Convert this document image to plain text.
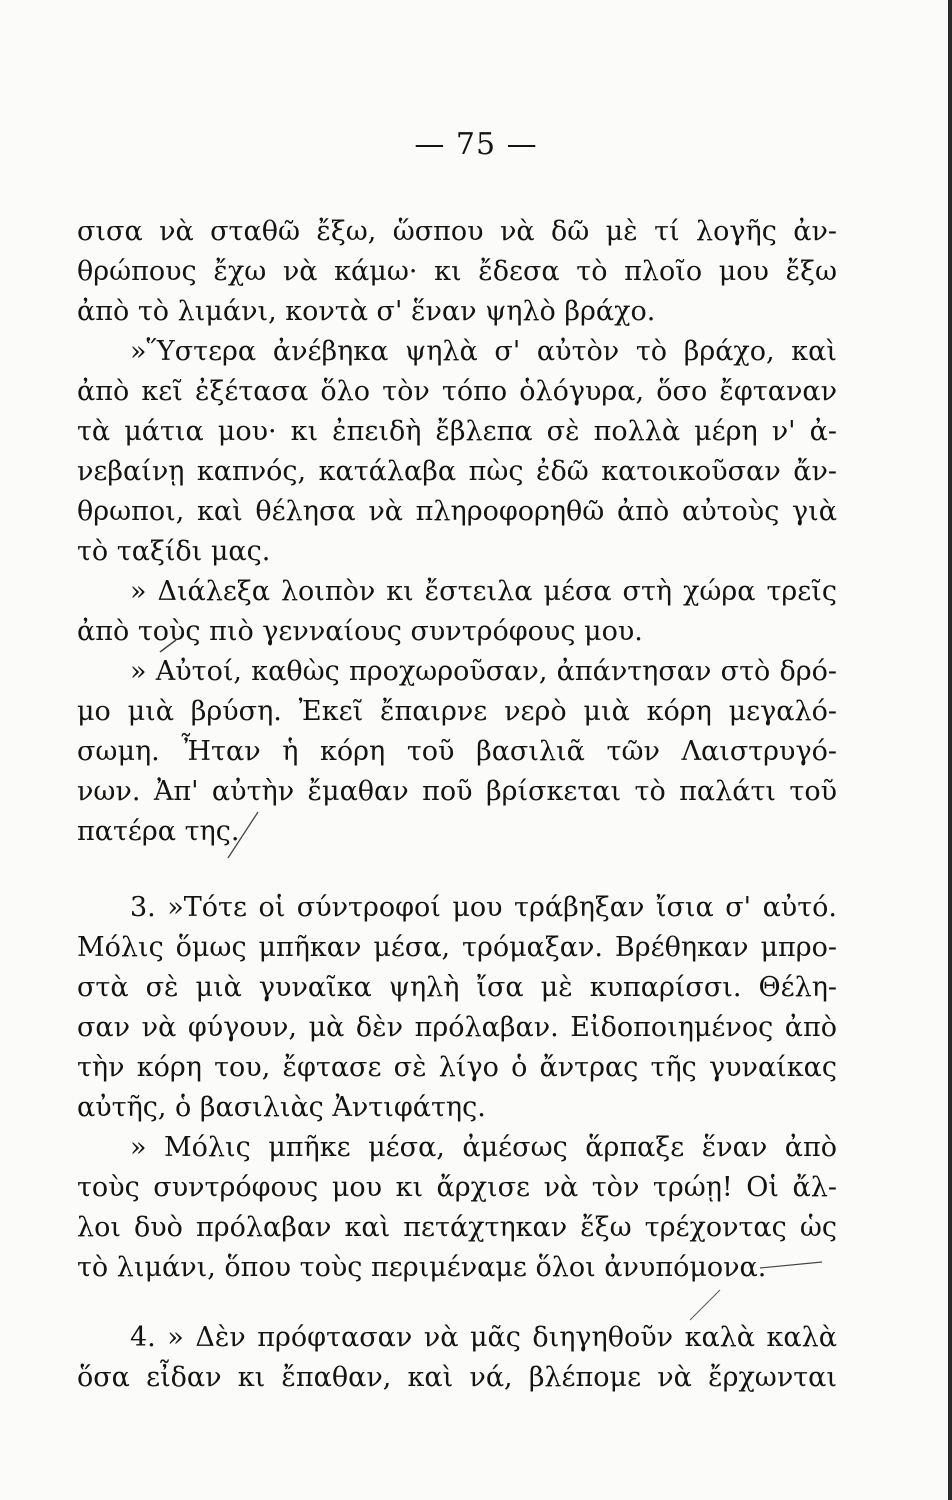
— 75 —
σισα νὰ σταθῶ ἔξω, ὥσπου νὰ δῶ μὲ τί λογῆς ἀν-
θρώπους ἔχω νὰ κάμω· κι ἔδεσα τὸ πλοῖο μου ἔξω
ἀπὸ τὸ λιμάνι, κοντὰ σ' ἕναν ψηλὸ βράχο.
»Ὕστερα ἀνέβηκα ψηλὰ σ' αὐτὸν τὸ βράχο, καὶ
ἀπὸ κεῖ ἐξέτασα ὅλο τὸν τόπο ὁλόγυρα, ὅσο ἔφταναν
τὰ μάτια μου· κι ἐπειδὴ ἔβλεπα σὲ πολλὰ μέρη ν' ἀ-
νεβαίνῃ καπνός, κατάλαβα πὼς ἐδῶ κατοικοῦσαν ἄν-
θρωποι, καὶ θέλησα νὰ πληροφορηθῶ ἀπὸ αὐτοὺς γιὰ
τὸ ταξίδι μας.
» Διάλεξα λοιπὸν κι ἔστειλα μέσα στὴ χώρα τρεῖς
ἀπὸ τοὺς πιὸ γενναίους συντρόφους μου.
» Αὐτοί, καθὼς προχωροῦσαν, ἀπάντησαν στὸ δρό-
μο μιὰ βρύση. Ἐκεῖ ἔπαιρνε νερὸ μιὰ κόρη μεγαλό-
σωμη. Ἦταν ἡ κόρη τοῦ βασιλιᾶ τῶν Λαιστρυγό-
νων. Ἀπ' αὐτὴν ἔμαθαν ποῦ βρίσκεται τὸ παλάτι τοῦ
πατέρα της.
3. »Τότε οἱ σύντροφοί μου τράβηξαν ἴσια σ' αὐτό.
Μόλις ὅμως μπῆκαν μέσα, τρόμαξαν. Βρέθηκαν μπρο-
στὰ σὲ μιὰ γυναῖκα ψηλὴ ἴσα μὲ κυπαρίσσι. Θέλη-
σαν νὰ φύγουν, μὰ δὲν πρόλαβαν. Εἰδοποιημένος ἀπὸ
τὴν κόρη του, ἔφτασε σὲ λίγο ὁ ἄντρας τῆς γυναίκας
αὐτῆς, ὁ βασιλιὰς Ἀντιφάτης.
» Μόλις μπῆκε μέσα, ἀμέσως ἅρπαξε ἕναν ἀπὸ
τοὺς συντρόφους μου κι ἄρχισε νὰ τὸν τρώῃ! Οἱ ἄλ-
λοι δυὸ πρόλαβαν καὶ πετάχτηκαν ἔξω τρέχοντας ὡς
τὸ λιμάνι, ὅπου τοὺς περιμέναμε ὅλοι ἀνυπόμονα.
4. » Δὲν πρόφτασαν νὰ μᾶς διηγηθοῦν καλὰ καλὰ
ὅσα εἶδαν κι ἔπαθαν, καὶ νά, βλέπομε νὰ ἔρχωνται
